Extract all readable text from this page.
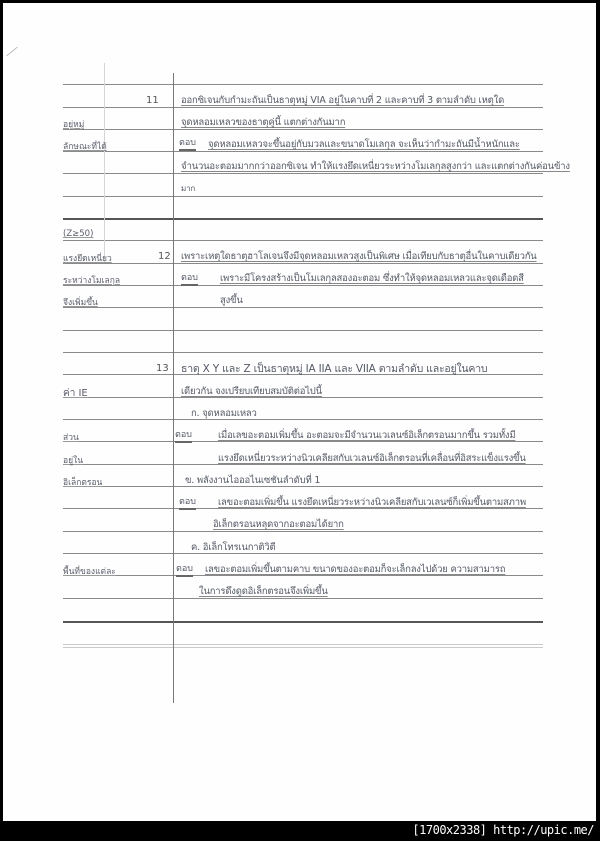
11 ออกซิเจนกับกำมะถันเป็นธาตุหมู่ VIA อยู่ในคาบที่ 2 และคาบที่ 3 ตามลำดับ เหตุใด
จุดหลอมเหลวของธาตุคู่นี้ แตกต่างกันมาก
อยู่หมู่
ลักษณะที่ได้	ตอบ จุดหลอมเหลวจะขึ้นอยู่กับมวลและขนาดโมเลกุล จะเห็นว่ากำมะถันมีน้ำหนักและ
จำนวนอะตอมมากกว่าออกซิเจน ทำให้แรงยึดเหนี่ยวระหว่างโมเลกุลสูงกว่า และแตกต่างกันค่อนข้าง
มาก
(Z≥50)
แรงยึดเหนี่ยว
ระหว่างโมเลกุล
จึงเพิ่มขึ้น
12 เพราะเหตุใดธาตุฮาโลเจนจึงมีจุดหลอมเหลวสูงเป็นพิเศษ เมื่อเทียบกับธาตุอื่นในคาบเดียวกัน
ตอบ เพราะมีโครงสร้างเป็นโมเลกุลสองอะตอม ซึ่งทำให้จุดหลอมเหลวและจุดเดือดสี
สูงขึ้น
13 ธาตุ X Y และ Z เป็นธาตุหมู่ IA IIA และ VIIA ตามลำดับ และอยู่ในคาบ
เดียวกัน จงเปรียบเทียบสมบัติต่อไปนี้
ค่า IE
ส่วน
อยู่ใน
อิเล็กตรอน
พื้นที่ของแต่ละ
ก. จุดหลอมเหลว
ตอบ	เมื่อเลขอะตอมเพิ่มขึ้น อะตอมจะมีจำนวนเวเลนซ์อิเล็กตรอนมากขึ้น รวมทั้งมี
แรงยึดเหนี่ยวระหว่างนิวเคลียสกับเวเลนซ์อิเล็กตรอนที่เคลื่อนที่อิสระแข็งแรงขึ้น
ข. พลังงานไอออไนเซชันลำดับที่ 1
ตอบ เลขอะตอมเพิ่มขึ้น แรงยึดเหนี่ยวระหว่างนิวเคลียสกับเวเลนซ์ก็เพิ่มขึ้นตามสภาพ
อิเล็กตรอนหลุดจากอะตอมได้ยาก
ค. อิเล็กโทรเนกาติวิตี
ตอบ เลขอะตอมเพิ่มขึ้นตามคาบ ขนาดของอะตอมก็จะเล็กลงไปด้วย ความสามารถ
ในการดึงดูดอิเล็กตรอนจึงเพิ่มขึ้น
[1700x2338] http://upic.me/
